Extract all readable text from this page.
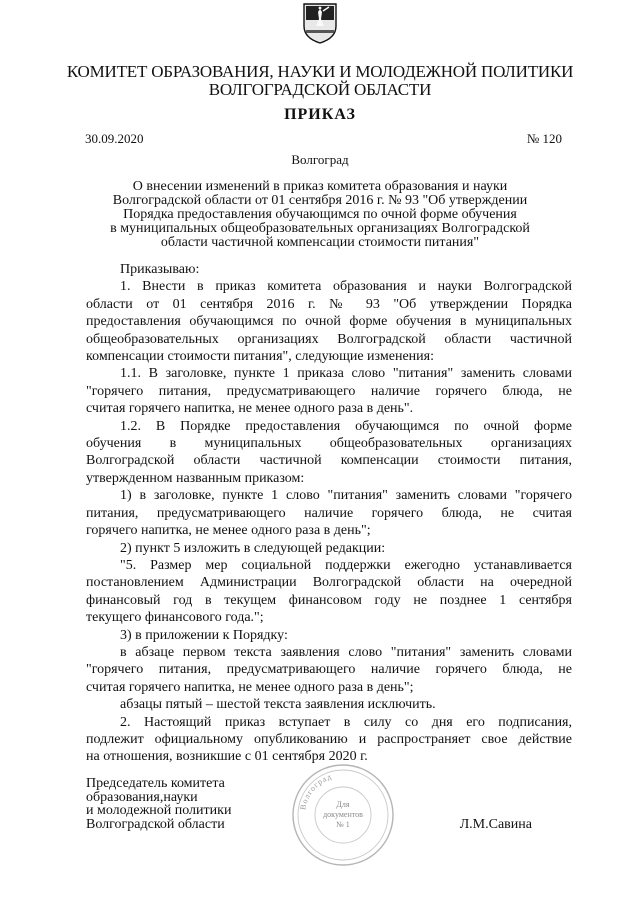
КОМИТЕТ ОБРАЗОВАНИЯ, НАУКИ И МОЛОДЕЖНОЙ ПОЛИТИКИ
ВОЛГОГРАДСКОЙ ОБЛАСТИ
ПРИКАЗ
30.09.2020	№ 120
Волгоград
О внесении изменений в приказ комитета образования и науки
Волгоградской области от 01 сентября 2016 г. № 93 "Об утверждении
Порядка предоставления обучающимся по очной форме обучения
в муниципальных общеобразовательных организациях Волгоградской
области частичной компенсации стоимости питания"
Приказываю:
1. Внести в приказ комитета образования и науки Волгоградской
области от 01 сентября 2016 г. № 93 "Об утверждении Порядка
предоставления обучающимся по очной форме обучения в муниципальных
общеобразовательных организациях Волгоградской области частичной
компенсации стоимости питания", следующие изменения:
1.1. В заголовке, пункте 1 приказа слово "питания" заменить словами
"горячего питания, предусматривающего наличие горячего блюда, не
считая горячего напитка, не менее одного раза в день".
1.2. В Порядке предоставления обучающимся по очной форме
обучения в муниципальных общеобразовательных организациях
Волгоградской области частичной компенсации стоимости питания,
утвержденном названным приказом:
1) в заголовке, пункте 1 слово "питания" заменить словами "горячего
питания, предусматривающего наличие горячего блюда, не считая
горячего напитка, не менее одного раза в день";
2) пункт 5 изложить в следующей редакции:
"5. Размер мер социальной поддержки ежегодно устанавливается
постановлением Администрации Волгоградской области на очередной
финансовый год в текущем финансовом году не позднее 1 сентября
текущего финансового года.";
3) в приложении к Порядку:
в абзаце первом текста заявления слово "питания" заменить словами
"горячего питания, предусматривающего наличие горячего блюда, не
считая горячего напитка, не менее одного раза в день";
абзацы пятый – шестой текста заявления исключить.
2. Настоящий приказ вступает в силу со дня его подписания,
подлежит официальному опубликованию и распространяет свое действие
на отношения, возникшие с 01 сентября 2020 г.
Председатель комитета
образования,науки
и молодежной политики
Волгоградской области	Л.М.Савина
Волгоград
Для
документов
№ 1
